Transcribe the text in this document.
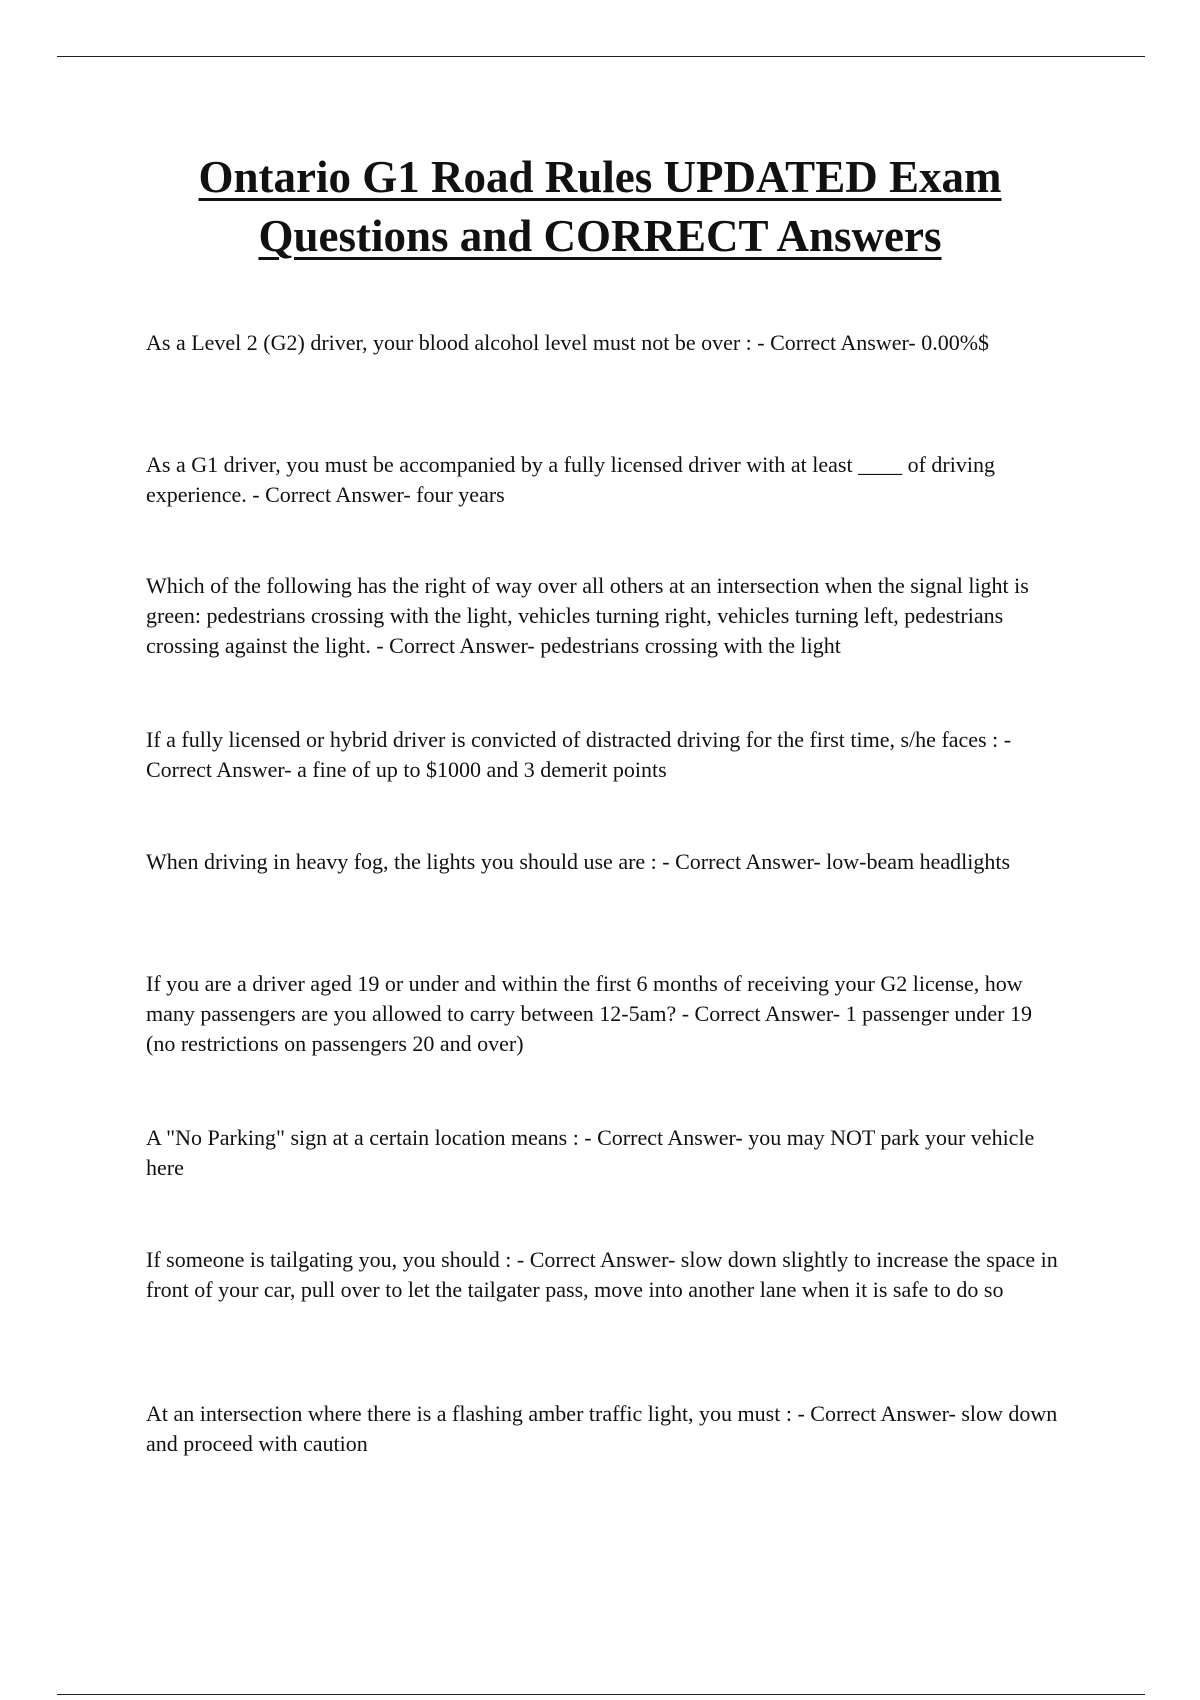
Ontario G1 Road Rules UPDATED Exam
Questions and CORRECT Answers

As a Level 2 (G2) driver, your blood alcohol level must not be over : - Correct Answer- 0.00%$

As a G1 driver, you must be accompanied by a fully licensed driver with at least ____ of driving experience. - Correct Answer- four years

Which of the following has the right of way over all others at an intersection when the signal light is green: pedestrians crossing with the light, vehicles turning right, vehicles turning left, pedestrians crossing against the light. - Correct Answer- pedestrians crossing with the light

If a fully licensed or hybrid driver is convicted of distracted driving for the first time, s/he faces : - Correct Answer- a fine of up to $1000 and 3 demerit points

When driving in heavy fog, the lights you should use are : - Correct Answer- low-beam headlights

If you are a driver aged 19 or under and within the first 6 months of receiving your G2 license, how many passengers are you allowed to carry between 12-5am? - Correct Answer- 1 passenger under 19 (no restrictions on passengers 20 and over)

A "No Parking" sign at a certain location means : - Correct Answer- you may NOT park your vehicle here

If someone is tailgating you, you should : - Correct Answer- slow down slightly to increase the space in front of your car, pull over to let the tailgater pass, move into another lane when it is safe to do so

At an intersection where there is a flashing amber traffic light, you must : - Correct Answer- slow down and proceed with caution
